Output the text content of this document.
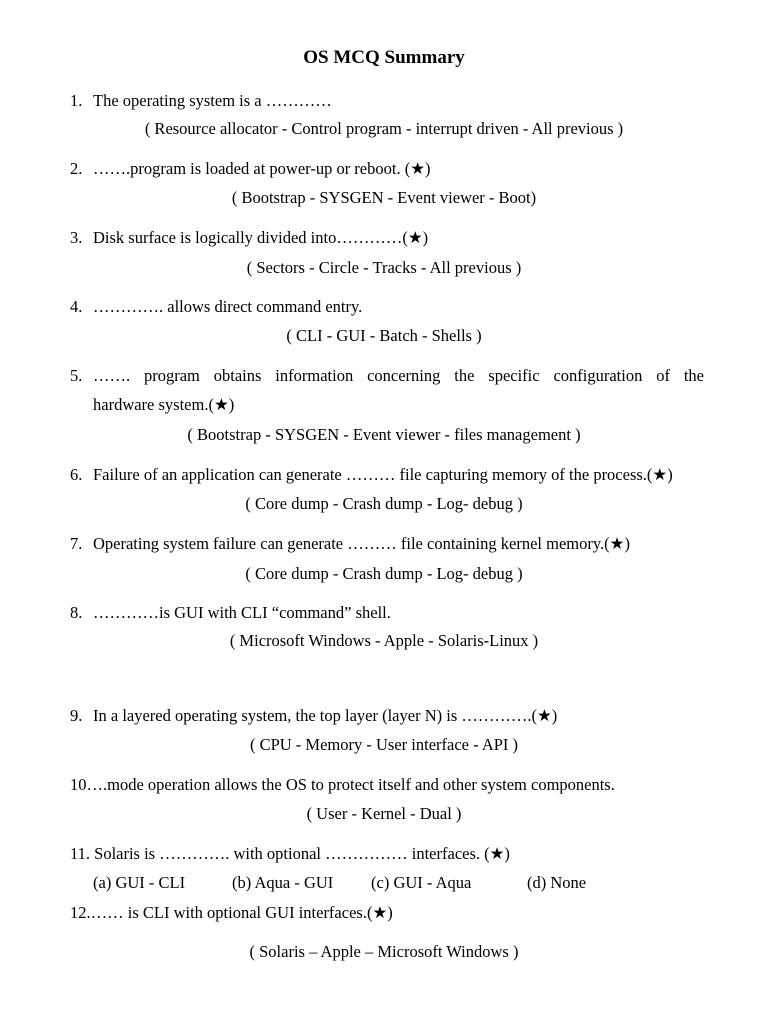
OS MCQ Summary
1. The operating system is a …………
( Resource allocator - Control program - interrupt driven - All previous )
2. …….program is loaded at power-up or reboot. (★)
( Bootstrap - SYSGEN - Event viewer - Boot)
3. Disk surface is logically divided into…………(★)
( Sectors - Circle - Tracks - All previous )
4. …………. allows direct command entry.
( CLI - GUI - Batch - Shells )
5. ……. program obtains information concerning the specific configuration of the
hardware system.(★)
( Bootstrap - SYSGEN - Event viewer - files management )
6. Failure of an application can generate ……… file capturing memory of the process.(★)
( Core dump - Crash dump - Log- debug )
7. Operating system failure can generate ……… file containing kernel memory.(★)
( Core dump - Crash dump - Log- debug )
8. …………is GUI with CLI “command” shell.
( Microsoft Windows - Apple - Solaris-Linux )
9. In a layered operating system, the top layer (layer N) is ………….(★)
( CPU - Memory - User interface - API )
10….mode operation allows the OS to protect itself and other system components.
( User - Kernel - Dual )
11. Solaris is …………. with optional …………… interfaces. (★)
(a) GUI - CLI	(b) Aqua - GUI (c) GUI - Aqua	(d) None
12.…… is CLI with optional GUI interfaces.(★)
( Solaris – Apple – Microsoft Windows )
